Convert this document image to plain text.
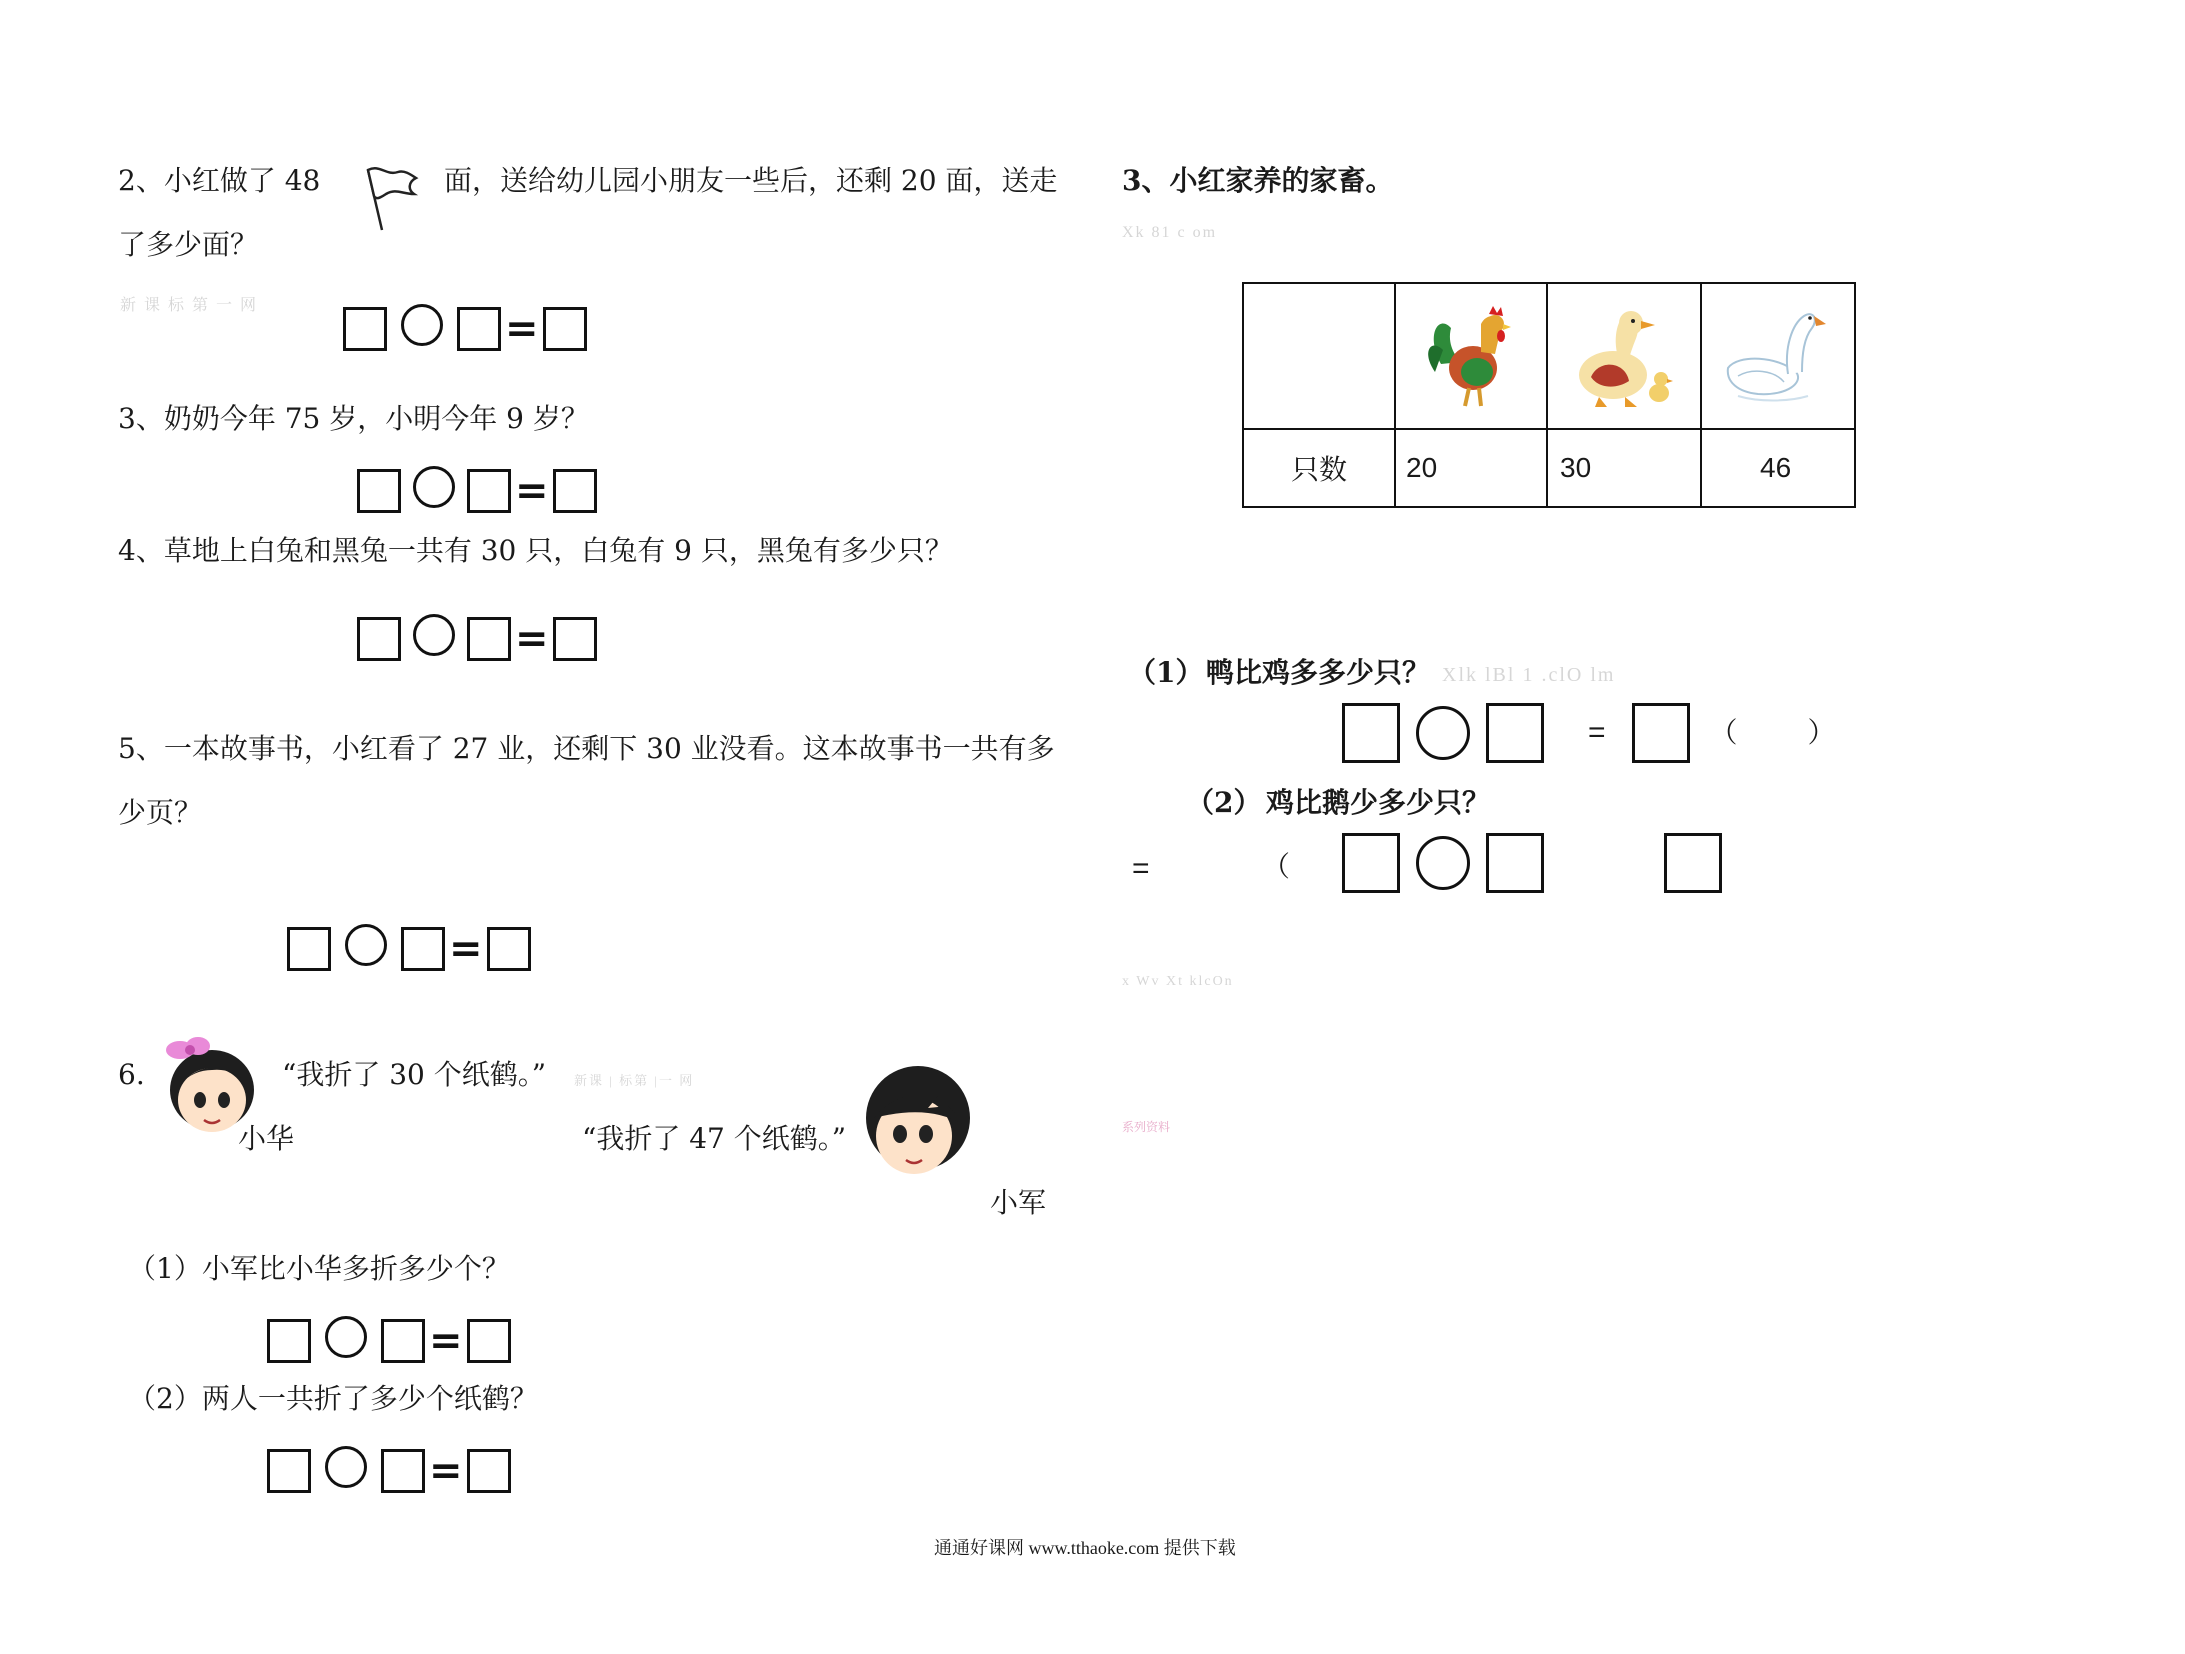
2、小红做了 48	面，送给幼儿园小朋友一些后，还剩 20 面，送走
了多少面？
新 课 标 第 一 网
=
3、奶奶今年 75 岁，小明今年 9 岁？
=
4、草地上白兔和黑兔一共有 30 只，白兔有 9 只，黑兔有多少只？
=
5、一本故事书，小红看了 27 业，还剩下 30 业没看。这本故事书一共有多
少页？
=
6.	“我折了 30 个纸鹤。” 新课 | 标第 |一 网
小华	“我折了 47 个纸鹤。”
小军
（1）小军比小华多折多少个？
=
（2）两人一共折了多少个纸鹤？
=
3、小红家养的家畜。
Xk 81 c om

只数	20	30	46
（1） 鸭比鸡多多少只？ Xlk lBl 1 .clO lm
=	（	）
（2） 鸡比鹅少多少只？
=	（
x Wv Xt klcOn
系列资料
通通好课网 www.tthaoke.com 提供下载
